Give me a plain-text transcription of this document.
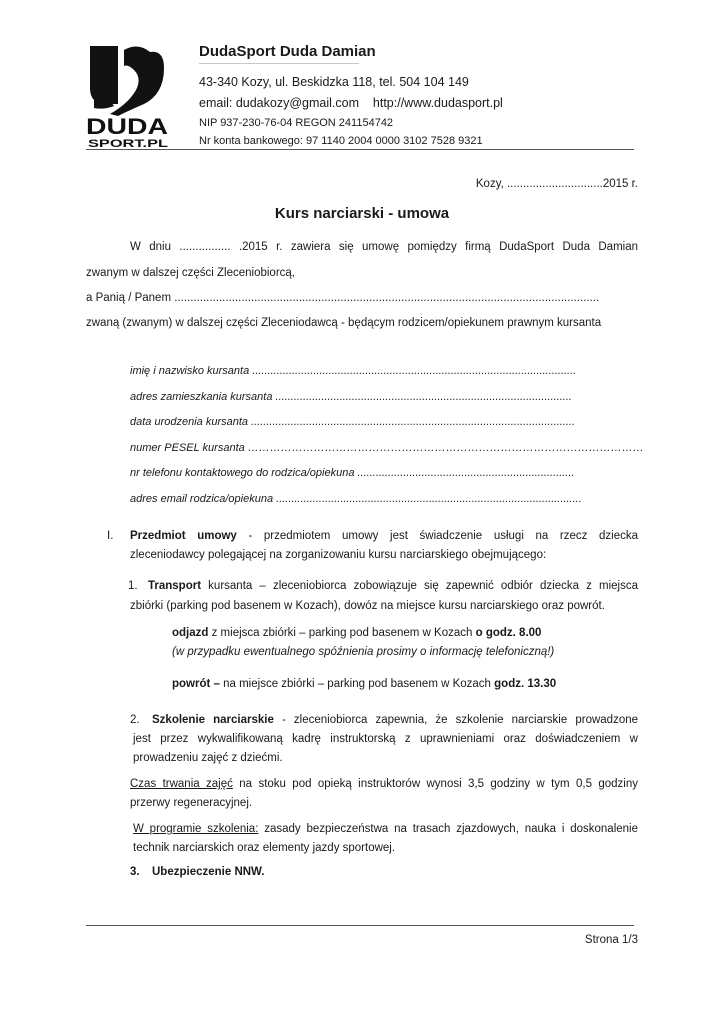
DUDA
SPORT.PL
DudaSport Duda Damian
43-340 Kozy, ul. Beskidzka 118, tel. 504 104 149
email: dudakozy@gmail.com http://www.dudasport.pl
NIP 937-230-76-04 REGON 241154742
Nr konta bankowego: 97 1140 2004 0000 3102 7528 9321
Kozy, ..............................2015 r.
Kurs narciarski - umowa
W dniu ................ .2015 r. zawiera się umowę pomiędzy firmą DudaSport Duda Damian
zwanym w dalszej części Zleceniobiorcą,
a Panią / Panem .....................................................................................................................................
zwaną (zwanym) w dalszej części Zleceniodawcą - będącym rodzicem/opiekunem prawnym kursanta
imię i nazwisko kursanta ..........................................................................................................
adres zamieszkania kursanta .................................................................................................
data urodzenia kursanta ..........................................................................................................
numer PESEL kursanta ………………………………………………………………………………………………
nr telefonu kontaktowego do rodzica/opiekuna .......................................................................
adres email rodzica/opiekuna ....................................................................................................
I. Przedmiot umowy - przedmiotem umowy jest świadczenie usługi na rzecz dziecka
zleceniodawcy polegającej na zorganizowaniu kursu narciarskiego obejmującego:
1. Transport kursanta – zleceniobiorca zobowiązuje się zapewnić odbiór dziecka z miejsca
zbiórki (parking pod basenem w Kozach), dowóz na miejsce kursu narciarskiego oraz powrót.
odjazd z miejsca zbiórki – parking pod basenem w Kozach o godz. 8.00
(w przypadku ewentualnego spóźnienia prosimy o informację telefoniczną!)
powrót – na miejsce zbiórki – parking pod basenem w Kozach godz. 13.30
2. Szkolenie narciarskie - zleceniobiorca zapewnia, że szkolenie narciarskie prowadzone
jest przez wykwalifikowaną kadrę instruktorską z uprawnieniami oraz doświadczeniem w
prowadzeniu zajęć z dziećmi.
Czas trwania zajęć na stoku pod opieką instruktorów wynosi 3,5 godziny w tym 0,5 godziny
przerwy regeneracyjnej.
W programie szkolenia: zasady bezpieczeństwa na trasach zjazdowych, nauka i doskonalenie
technik narciarskich oraz elementy jazdy sportowej.
3. Ubezpieczenie NNW.
Strona 1/3
